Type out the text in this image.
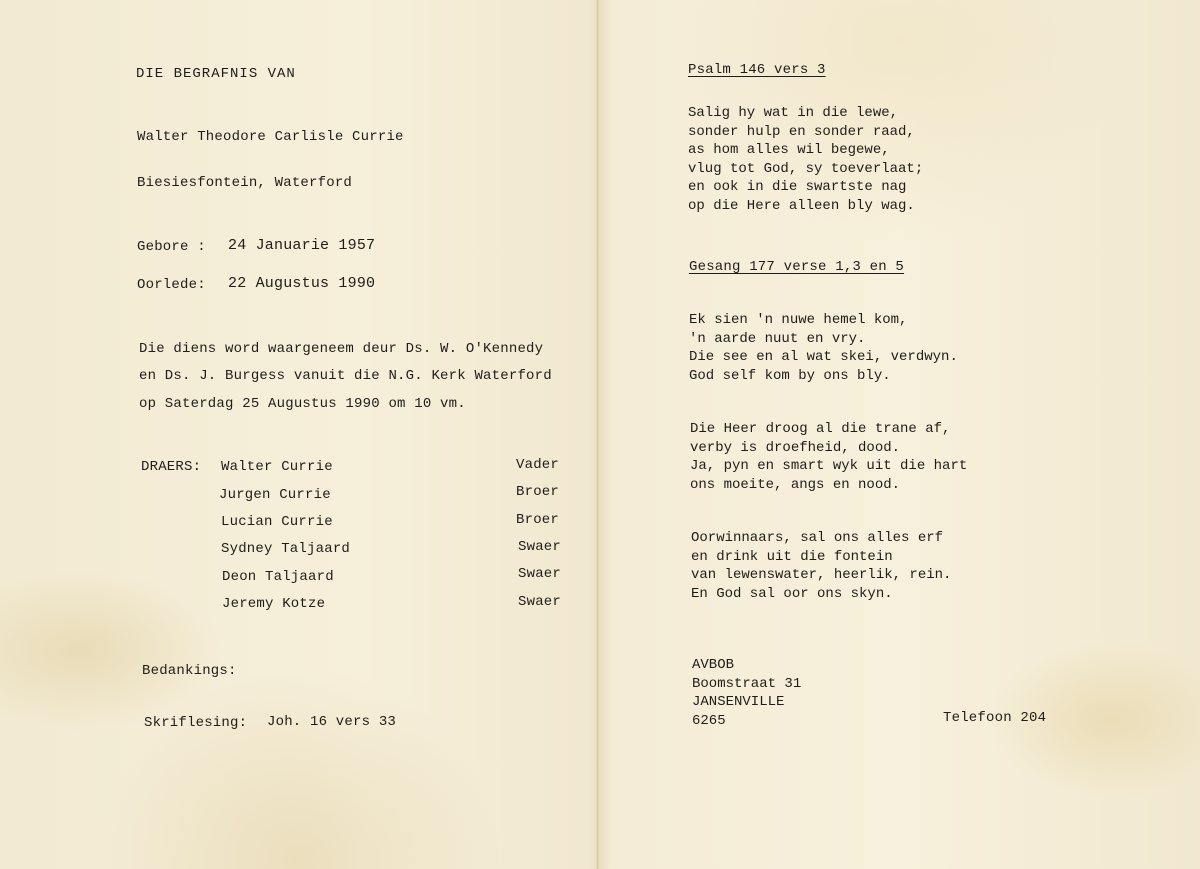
DIE BEGRAFNIS VAN
Walter Theodore Carlisle Currie
Biesiesfontein, Waterford
Gebore : 24 Januarie 1957
Oorlede: 22 Augustus 1990
Die diens word waargeneem deur Ds. W. O'Kennedy
en Ds. J. Burgess vanuit die N.G. Kerk Waterford
op Saterdag 25 Augustus 1990 om 10 vm.
DRAERS: Walter Currie	Vader
Jurgen Currie	Broer
Lucian Currie	Broer
Sydney Taljaard	Swaer
Deon Taljaard	Swaer
Jeremy Kotze	Swaer
Bedankings:
Skriflesing: Joh. 16 vers 33
Psalm 146 vers 3
Salig hy wat in die lewe,
sonder hulp en sonder raad,
as hom alles wil begewe,
vlug tot God, sy toeverlaat;
en ook in die swartste nag
op die Here alleen bly wag.
Gesang 177 verse 1,3 en 5
Ek sien 'n nuwe hemel kom,
'n aarde nuut en vry.
Die see en al wat skei, verdwyn.
God self kom by ons bly.
Die Heer droog al die trane af,
verby is droefheid, dood.
Ja, pyn en smart wyk uit die hart
ons moeite, angs en nood.
Oorwinnaars, sal ons alles erf
en drink uit die fontein
van lewenswater, heerlik, rein.
En God sal oor ons skyn.
AVBOB
Boomstraat 31
JANSENVILLE
6265	Telefoon 204
